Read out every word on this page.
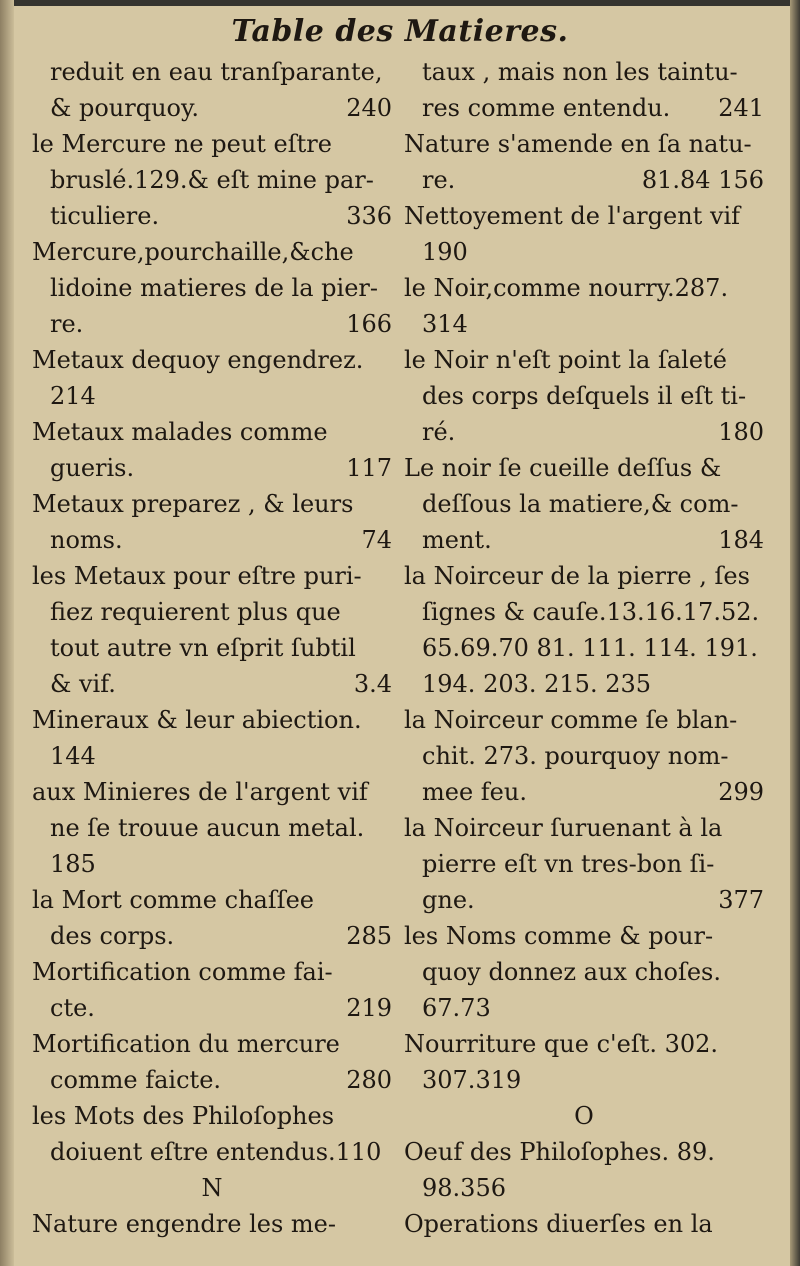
Table des Matieres.
reduit en eau tranſparante,
& pourquoy.	240
le Mercure ne peut eſtre
bruslé.129.& eſt mine par-
ticuliere.	336
Mercure,pourchaille,&che
lidoine matieres de la pier-
re.	166
Metaux dequoy engendrez.
214
Metaux malades comme
gueris.	117
Metaux preparez , & leurs
noms.	74
les Metaux pour eſtre puri-
fiez requierent plus que
tout autre vn eſprit ſubtil
& vif.	3.4
Mineraux & leur abiection.
144
aux Minieres de l'argent vif
ne ſe trouue aucun metal.
185
la Mort comme chaſſee
des corps.	285
Mortification comme fai-
cte.	219
Mortification du mercure
comme faicte.	280
les Mots des Philoſophes
doiuent eſtre entendus.110
N
Nature engendre les me-
taux , mais non les taintu-
res comme entendu. 241
Nature s'amende en ſa natu-
re.	81.84 156
Nettoyement de l'argent vif
190
le Noir,comme nourry.287.
314
le Noir n'eſt point la ſaleté
des corps deſquels il eſt ti-
ré.	180
Le noir ſe cueille deſſus &
deſſous la matiere,& com-
ment.	184
la Noirceur de la pierre , ſes
ſignes & cauſe.13.16.17.52.
65.69.70 81. 111. 114. 191.
194. 203. 215. 235
la Noirceur comme ſe blan-
chit. 273. pourquoy nom-
mee feu.	299
la Noirceur ſuruenant à la
pierre eſt vn tres-bon ſi-
gne.	377
les Noms comme & pour-
quoy donnez aux choſes.
67.73
Nourriture que c'eſt. 302.
307.319
O
Oeuf des Philoſophes. 89.
98.356
Operations diuerſes en la
